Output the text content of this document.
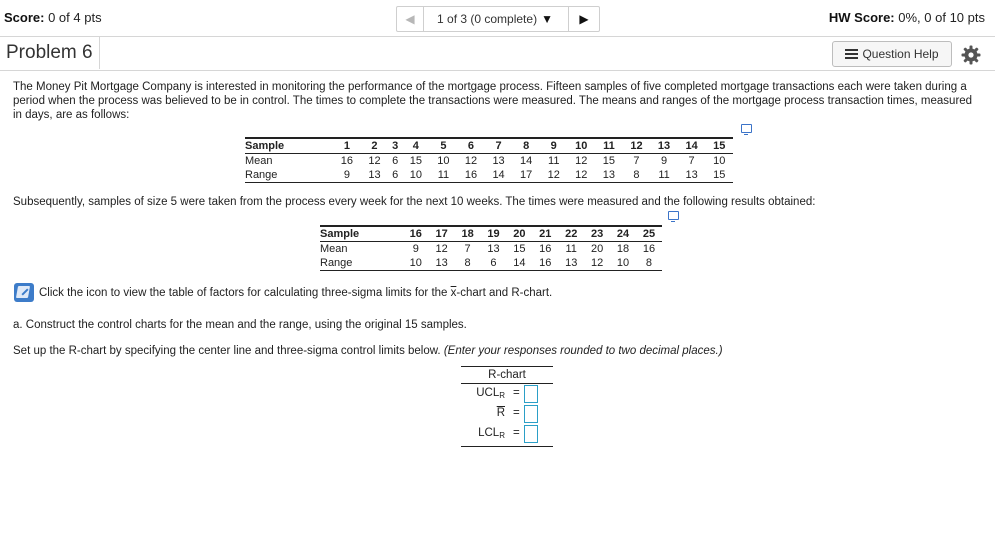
Score: 0 of 4 pts	◀ 1 of 3 (0 complete) ▼ ▶	HW Score: 0%, 0 of 10 pts
Problem 6	Question Help

The Money Pit Mortgage Company is interested in monitoring the performance of the mortgage process. Fifteen samples of five completed mortgage transactions each were taken during a period when the process was believed to be in control. The times to complete the transactions were measured. The means and ranges of the mortgage process transaction times, measured in days, are as follows:

Sample	1	2	3	4	5	6	7	8	9	10	11	12	13	14	15
Mean	16	12	6	15	10	12	13	14	11	12	15	7	9	7	10
Range	9	13	6	10	11	16	14	17	12	12	13	8	11	13	15

Subsequently, samples of size 5 were taken from the process every week for the next 10 weeks. The times were measured and the following results obtained:

Sample	16	17	18	19	20	21	22	23	24	25
Mean	9	12	7	13	15	16	11	20	18	16
Range	10	13	8	6	14	16	13	12	10	8
Click the icon to view the table of factors for calculating three-sigma limits for the $\overline{x}$-chart and R-chart.

a. Construct the control charts for the mean and the range, using the original 15 samples.

Set up the R-chart by specifying the center line and three-sigma control limits below. (Enter your responses rounded to two decimal places.)

R-chart
$UCL_R$ =
$\overline{R}$ =
$LCL_R$ =
